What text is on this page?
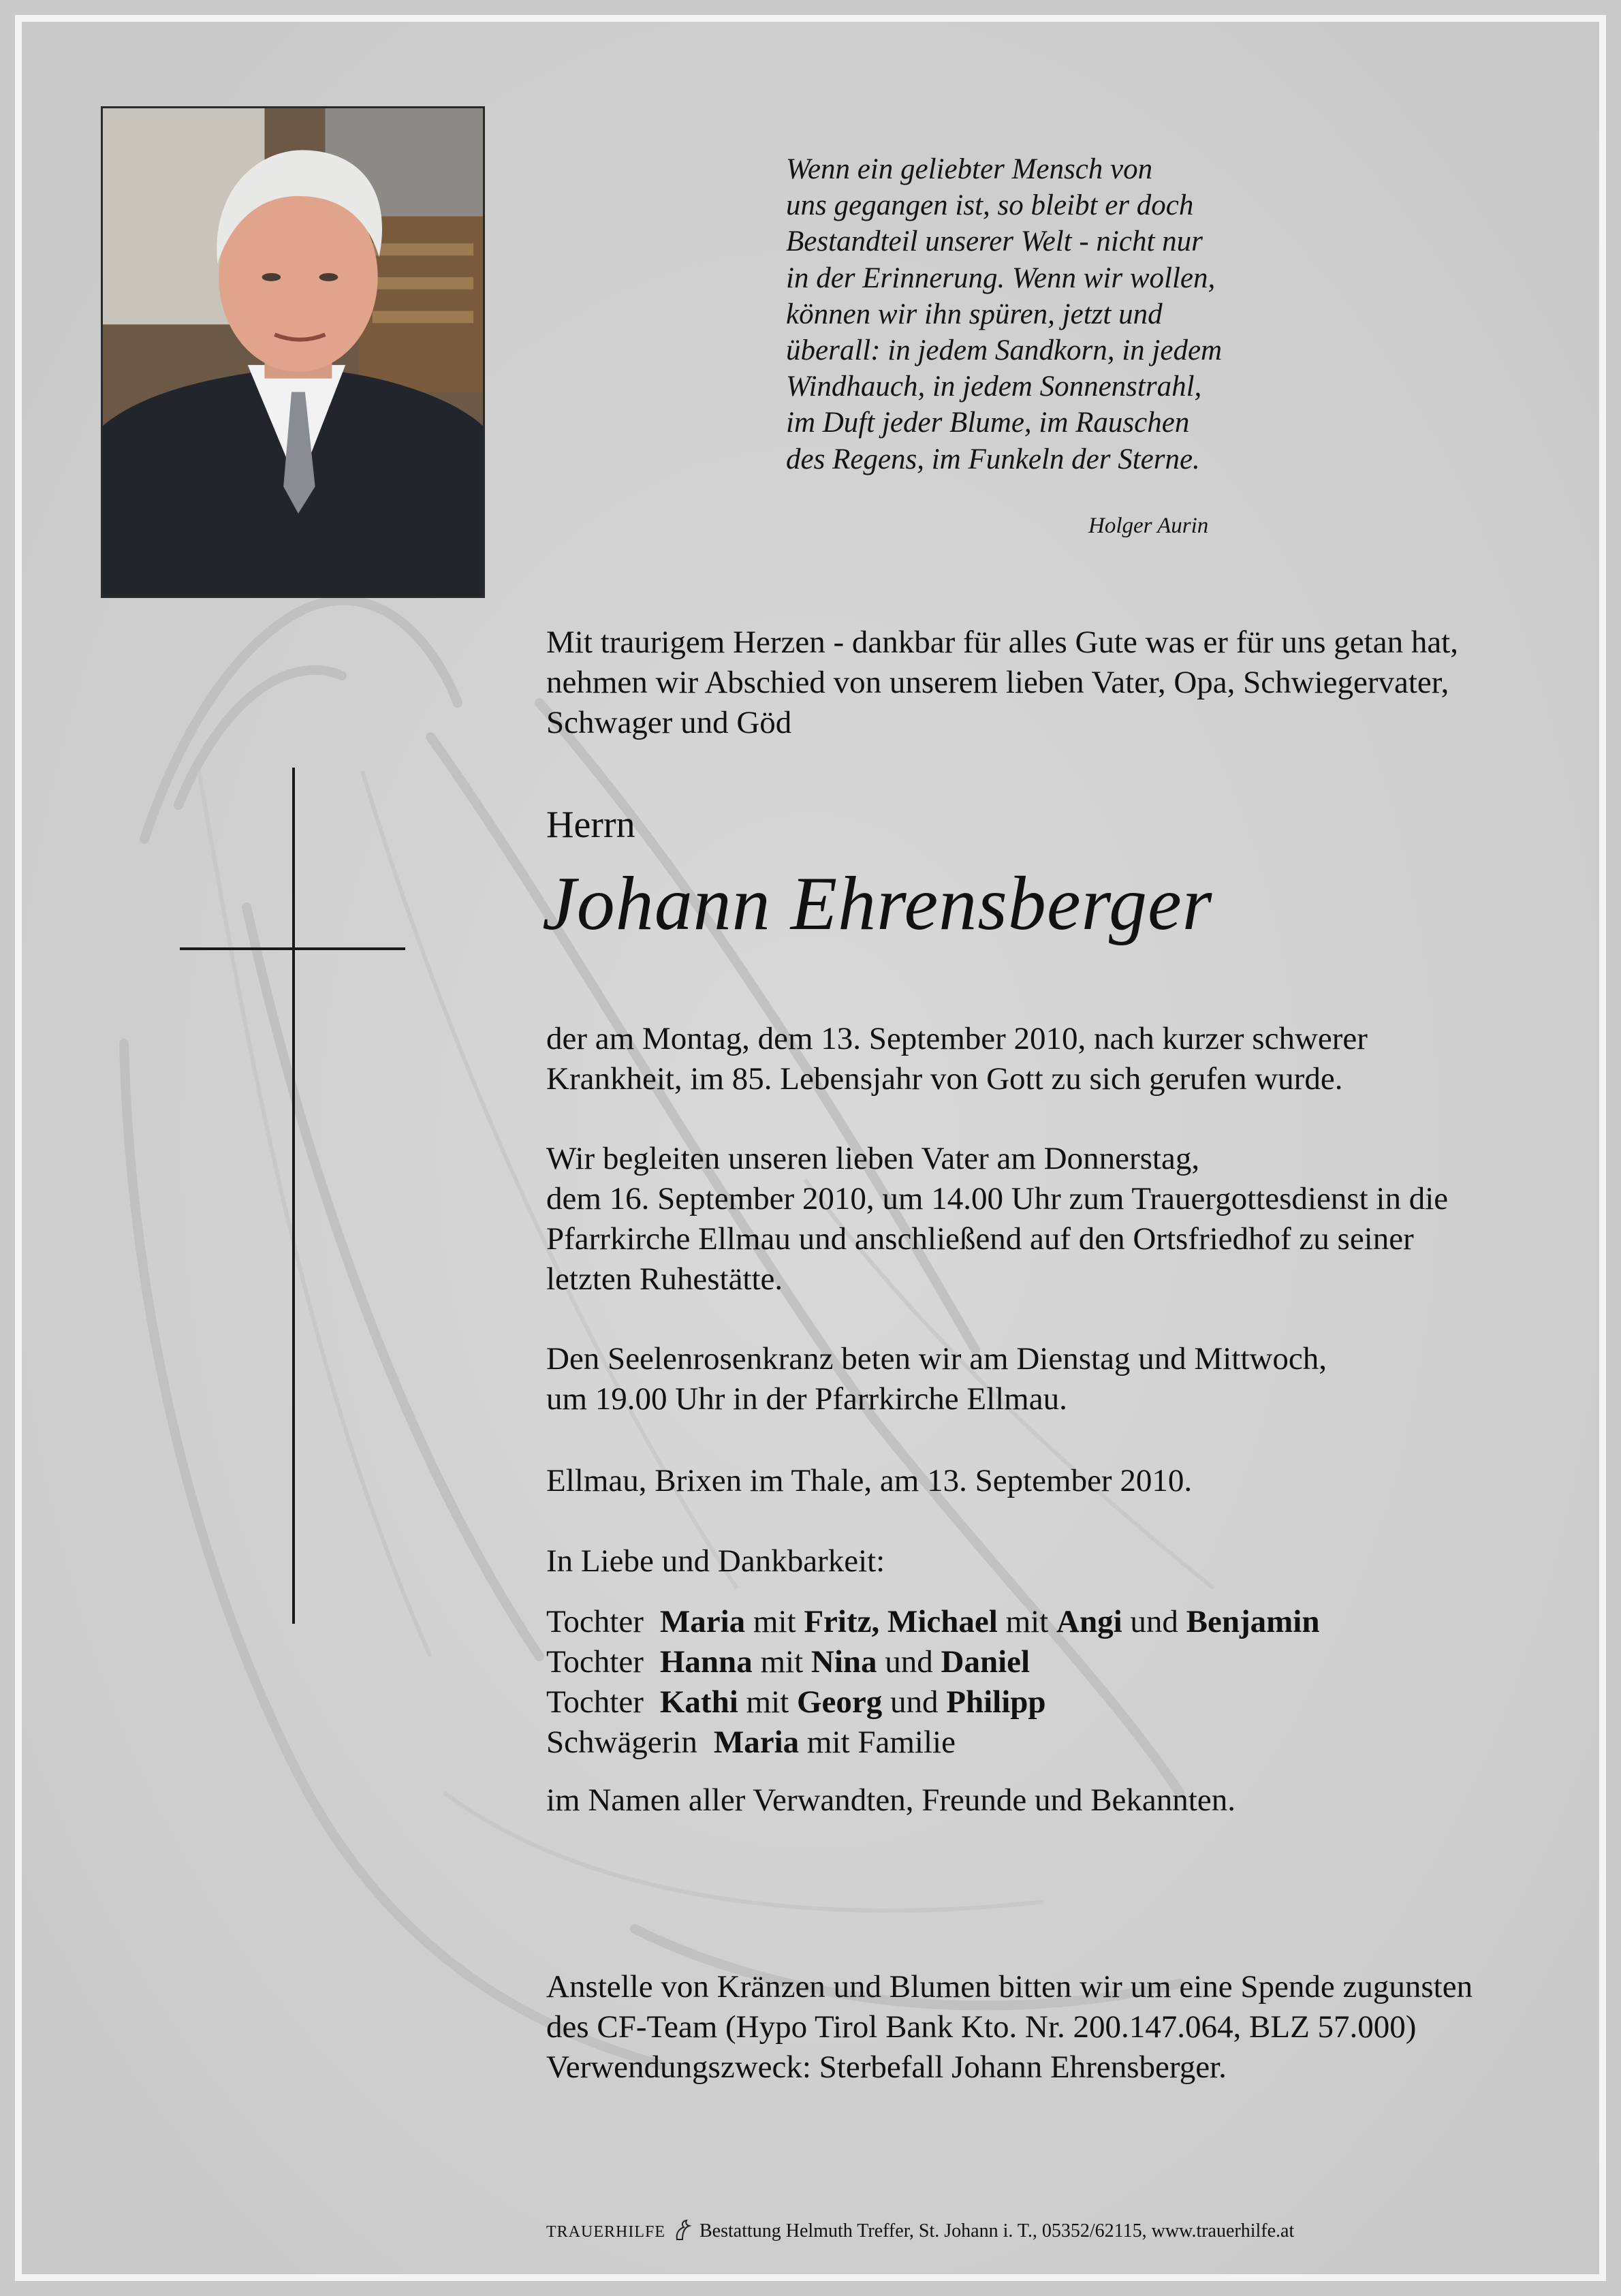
Wenn ein geliebter Mensch von
uns gegangen ist, so bleibt er doch
Bestandteil unserer Welt - nicht nur
in der Erinnerung. Wenn wir wollen,
können wir ihn spüren, jetzt und
überall: in jedem Sandkorn, in jedem
Windhauch, in jedem Sonnenstrahl,
im Duft jeder Blume, im Rauschen
des Regens, im Funkeln der Sterne.
Holger Aurin
Mit traurigem Herzen - dankbar für alles Gute was er für uns getan hat,
nehmen wir Abschied von unserem lieben Vater, Opa, Schwiegervater,
Schwager und Göd
Herrn
Johann Ehrensberger
der am Montag, dem 13. September 2010, nach kurzer schwerer
Krankheit, im 85. Lebensjahr von Gott zu sich gerufen wurde.
Wir begleiten unseren lieben Vater am Donnerstag,
dem 16. September 2010, um 14.00 Uhr zum Trauergottesdienst in die
Pfarrkirche Ellmau und anschließend auf den Ortsfriedhof zu seiner
letzten Ruhestätte.
Den Seelenrosenkranz beten wir am Dienstag und Mittwoch,
um 19.00 Uhr in der Pfarrkirche Ellmau.
Ellmau, Brixen im Thale, am 13. September 2010.
In Liebe und Dankbarkeit:
Tochter Maria mit Fritz, Michael mit Angi und Benjamin
Tochter Hanna mit Nina und Daniel
Tochter Kathi mit Georg und Philipp
Schwägerin Maria mit Familie
im Namen aller Verwandten, Freunde und Bekannten.
Anstelle von Kränzen und Blumen bitten wir um eine Spende zugunsten
des CF-Team (Hypo Tirol Bank Kto. Nr. 200.147.064, BLZ 57.000)
Verwendungszweck: Sterbefall Johann Ehrensberger.
TRAUERHILFE Bestattung Helmuth Treffer, St. Johann i. T., 05352/62115, www.trauerhilfe.at
